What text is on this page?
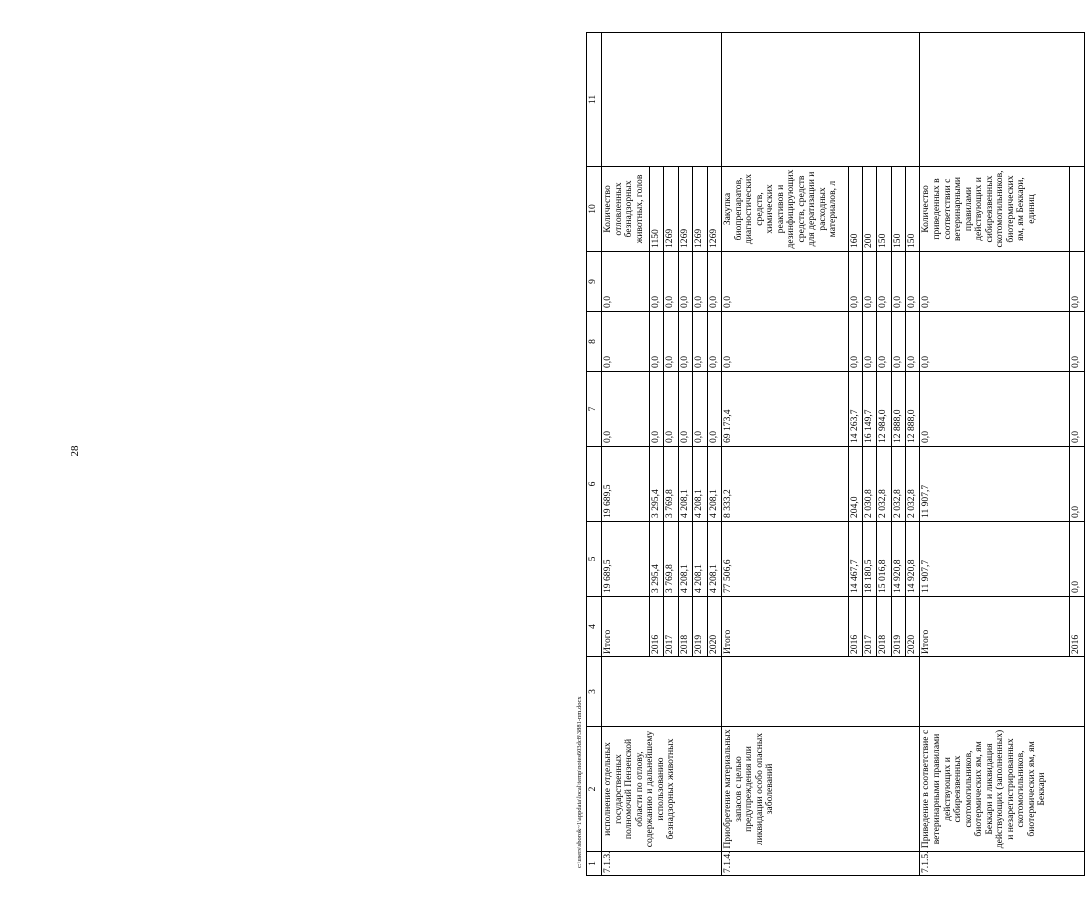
28
c:\users\sborok~1\appdata\local\temp\notes603dc8\3881-nm.docx 1	2	3	4	5	6	7	8	9	10	11
7.1.3.	исполнение отдельных государственных полномочий Пензенской области по отлову, содержанию и дальнейшему использованию безнадзорных животных		Итого	19 689,5	19 689,5	0,0	0,0	0,0	Количество отловленных безнадзорных животных, голов	
			2016	3 295,4	3 295,4	0,0	0,0	0,0	1150	
			2017	3 769,8	3 769,8	0,0	0,0	0,0	1269	
			2018	4 208,1	4 208,1	0,0	0,0	0,0	1269	
			2019	4 208,1	4 208,1	0,0	0,0	0,0	1269	
			2020	4 208,1	4 208,1	0,0	0,0	0,0	1269	
7.1.4.	Приобретение материальных запасов с целью предупреждения или ликвидации особо опасных заболеваний		Итого	77 506,6	8 333,2	69 173,4	0,0	0,0	Закупка биопрепаратов, диагностических средств, химических реактивов и дезинфицирующих средств, средств для дератизации и расходных материалов, л	
			2016	14 467,7	204,0	14 263,7	0,0	0,0	160	
			2017	18 180,5	2 030,8	16 149,7	0,0	0,0	200	
			2018	15 016,8	2 032,8	12 984,0	0,0	0,0	150	
			2019	14 920,8	2 032,8	12 888,0	0,0	0,0	150	
			2020	14 920,8	2 032,8	12 888,0	0,0	0,0	150	
7.1.5.	Приведение в соответствие с ветеринарными правилами действующих и сибиреязвенных скотомогильников, биотермических ям, ям Беккари и ликвидация действующих (заполненных) и незарегистрированных скотомогильников, биотермических ям, ям Беккари		Итого	11 907,7	11 907,7	0,0	0,0	0,0	Количество приведенных в соответствии с ветеринарными правилами действующих и сибиреязвенных скотомогильников, биотермических ям, ям Беккари, единиц	
			2016	0,0	0,0	0,0	0,0	0,0		
